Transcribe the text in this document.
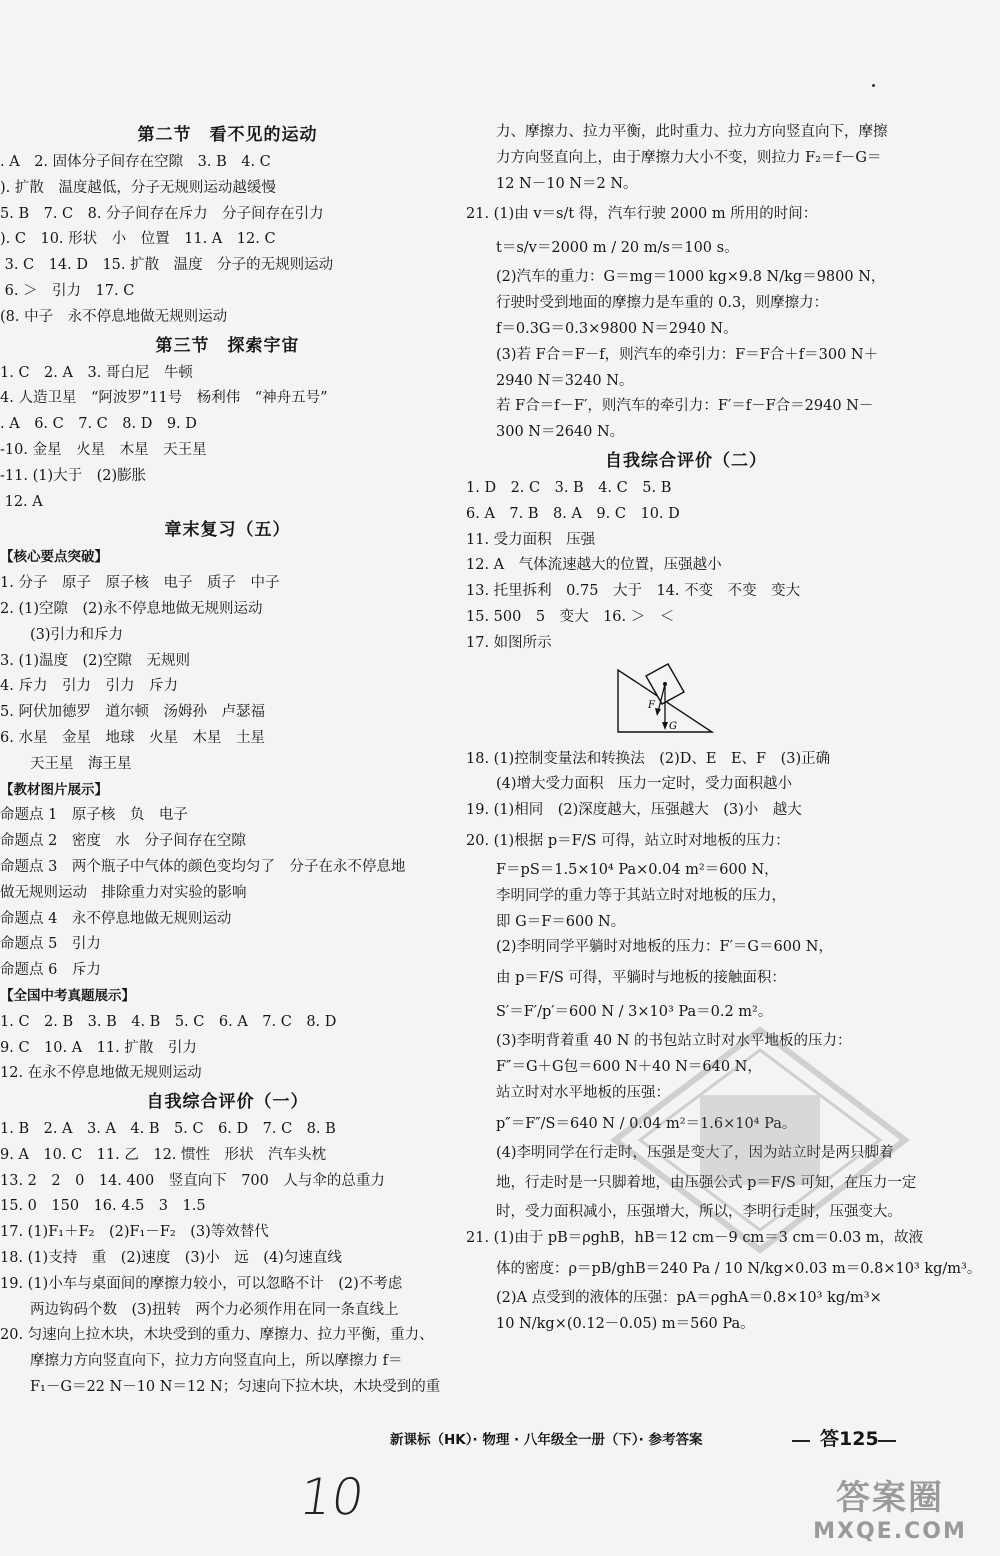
第二节　看不见的运动
. A　2. 固体分子间存在空隙　3. B　4. C
). 扩散　温度越低，分子无规则运动越缓慢
5. B　7. C　8. 分子间存在斥力　分子间存在引力
). C　10. 形状　小　位置　11. A　12. C
3. C　14. D　15. 扩散　温度　分子的无规则运动
6. ＞　引力　17. C
(8. 中子　永不停息地做无规则运动
第三节　探索宇宙
1. C　2. A　3. 哥白尼　牛顿
4. 人造卫星　“阿波罗”11号　杨利伟　“神舟五号”
. A　6. C　7. C　8. D　9. D
-10. 金星　火星　木星　天王星
-11. (1)大于　(2)膨胀
12. A
章末复习（五）
【核心要点突破】
1. 分子　原子　原子核　电子　质子　中子
2. (1)空隙　(2)永不停息地做无规则运动
(3)引力和斥力
3. (1)温度　(2)空隙　无规则
4. 斥力　引力　引力　斥力
5. 阿伏加德罗　道尔顿　汤姆孙　卢瑟福
6. 水星　金星　地球　火星　木星　土星
天王星　海王星
【教材图片展示】
命题点 1　原子核　负　电子
命题点 2　密度　水　分子间存在空隙
命题点 3　两个瓶子中气体的颜色变均匀了　分子在永不停息地
做无规则运动　排除重力对实验的影响
命题点 4　永不停息地做无规则运动
命题点 5　引力
命题点 6　斥力
【全国中考真题展示】
1. C　2. B　3. B　4. B　5. C　6. A　7. C　8. D
9. C　10. A　11. 扩散　引力
12. 在永不停息地做无规则运动
自我综合评价（一）
1. B　2. A　3. A　4. B　5. C　6. D　7. C　8. B
9. A　10. C　11. 乙　12. 惯性　形状　汽车头枕
13. 2　2　0　14. 400　竖直向下　700　人与伞的总重力
15. 0　150　16. 4.5　3　1.5
17. (1)F₁＋F₂　(2)F₁－F₂　(3)等效替代
18. (1)支持　重　(2)速度　(3)小　远　(4)匀速直线
19. (1)小车与桌面间的摩擦力较小，可以忽略不计　(2)不考虑
两边钩码个数　(3)扭转　两个力必须作用在同一条直线上
20. 匀速向上拉木块，木块受到的重力、摩擦力、拉力平衡，重力、
摩擦力方向竖直向下，拉力方向竖直向上，所以摩擦力 f＝
F₁－G＝22 N－10 N＝12 N；匀速向下拉木块，木块受到的重
力、摩擦力、拉力平衡，此时重力、拉力方向竖直向下，摩擦
力方向竖直向上，由于摩擦力大小不变，则拉力 F₂＝f－G＝
12 N－10 N＝2 N。
21. (1)由 v＝s/t 得，汽车行驶 2000 m 所用的时间：
t＝s/v＝2000 m / 20 m/s＝100 s。
(2)汽车的重力：G＝mg＝1000 kg×9.8 N/kg＝9800 N，
行驶时受到地面的摩擦力是车重的 0.3，则摩擦力：
f＝0.3G＝0.3×9800 N＝2940 N。
(3)若 F合＝F－f，则汽车的牵引力：F＝F合＋f＝300 N＋
2940 N＝3240 N。
若 F合＝f－F′，则汽车的牵引力：F′＝f－F合＝2940 N－
300 N＝2640 N。
自我综合评价（二）
1. D　2. C　3. B　4. C　5. B
6. A　7. B　8. A　9. C　10. D
11. 受力面积　压强
12. A　气体流速越大的位置，压强越小
13. 托里拆利　0.75　大于　14. 不变　不变　变大
15. 500　5　变大　16. ＞　＜
17. 如图所示
F
G
18. (1)控制变量法和转换法　(2)D、E　E、F　(3)正确
(4)增大受力面积　压力一定时，受力面积越小
19. (1)相同　(2)深度越大，压强越大　(3)小　越大
20. (1)根据 p＝F/S 可得，站立时对地板的压力：
F＝pS＝1.5×10⁴ Pa×0.04 m²＝600 N，
李明同学的重力等于其站立时对地板的压力，
即 G＝F＝600 N。
(2)李明同学平躺时对地板的压力：F′＝G＝600 N，
由 p＝F/S 可得，平躺时与地板的接触面积：
S′＝F′/p′＝600 N / 3×10³ Pa＝0.2 m²。
(3)李明背着重 40 N 的书包站立时对水平地板的压力：
F″＝G＋G包＝600 N＋40 N＝640 N，
站立时对水平地板的压强：
p″＝F″/S＝640 N / 0.04 m²＝1.6×10⁴ Pa。
(4)李明同学在行走时，压强是变大了，因为站立时是两只脚着
地，行走时是一只脚着地，由压强公式 p＝F/S 可知，在压力一定
时，受力面积减小，压强增大，所以，李明行走时，压强变大。
21. (1)由于 pB＝ρghB，hB＝12 cm－9 cm＝3 cm＝0.03 m，故液
体的密度：ρ＝pB/ghB＝240 Pa / 10 N/kg×0.03 m＝0.8×10³ kg/m³。
(2)A 点受到的液体的压强：pA＝ρghA＝0.8×10³ kg/m³×
10 N/kg×(0.12－0.05) m＝560 Pa。
新课标（HK）· 物理 · 八年级全一册（下）· 参考答案	答125
10	答案圈
MXQE.COM
